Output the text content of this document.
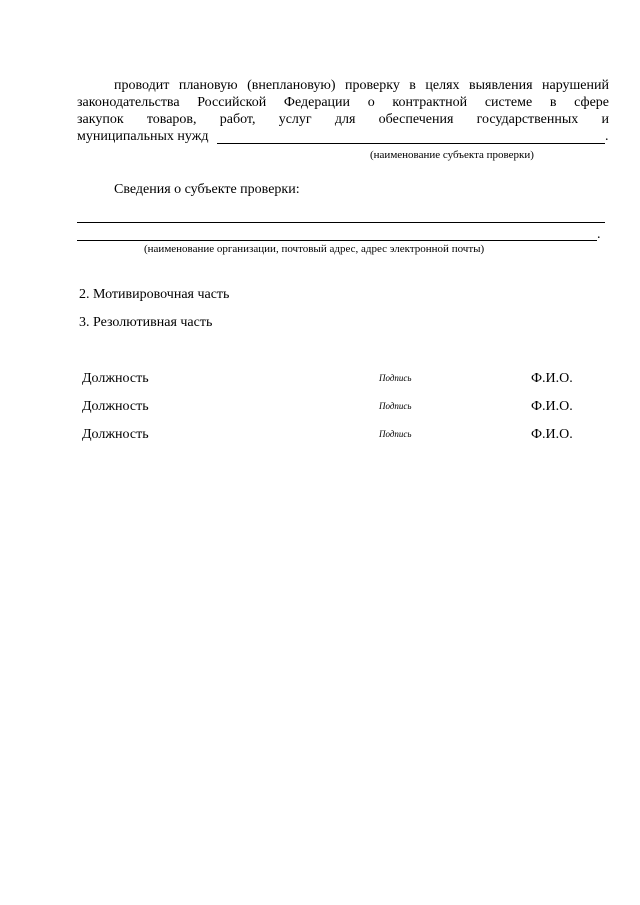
проводит плановую (внеплановую) проверку в целях выявления нарушений
законодательства Российской Федерации о контрактной системе в сфере
закупок товаров, работ, услуг для обеспечения государственных и
муниципальных нужд	.
(наименование субъекта проверки)
Сведения о субъекте проверки:
.
(наименование организации, почтовый адрес, адрес электронной почты)
2. Мотивировочная часть
3. Резолютивная часть
Должность	Подпись	Ф.И.О.
Должность	Подпись	Ф.И.О.
Должность	Подпись	Ф.И.О.
